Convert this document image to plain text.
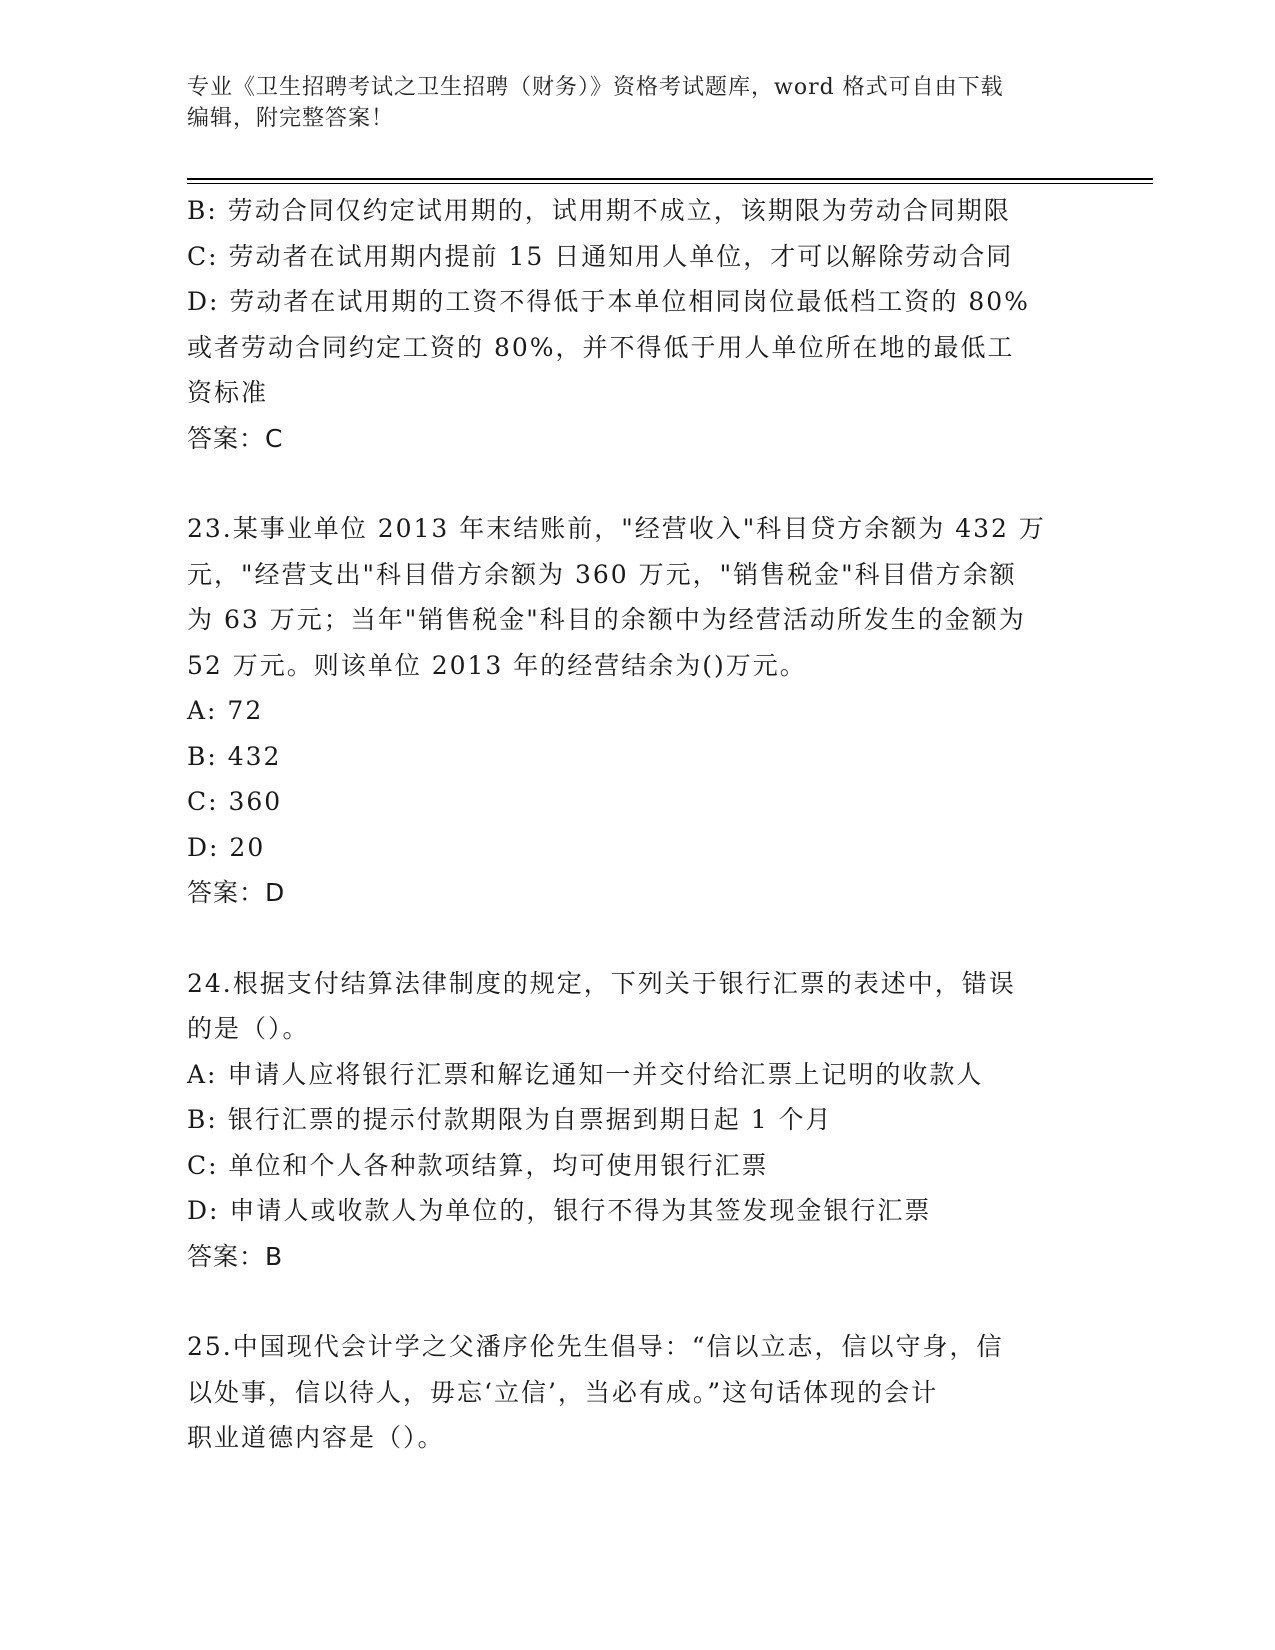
专业《卫生招聘考试之卫生招聘（财务）》资格考试题库，word 格式可自由下载
编辑，附完整答案！
B: 劳动合同仅约定试用期的，试用期不成立，该期限为劳动合同期限
C: 劳动者在试用期内提前 15 日通知用人单位，才可以解除劳动合同
D: 劳动者在试用期的工资不得低于本单位相同岗位最低档工资的 80%
或者劳动合同约定工资的 80%，并不得低于用人单位所在地的最低工
资标准
答案：C
23.某事业单位 2013 年末结账前，"经营收入"科目贷方余额为 432 万
元，"经营支出"科目借方余额为 360 万元，"销售税金"科目借方余额
为 63 万元；当年"销售税金"科目的余额中为经营活动所发生的金额为
52 万元。则该单位 2013 年的经营结余为()万元。
A: 72
B: 432
C: 360
D: 20
答案：D
24.根据支付结算法律制度的规定，下列关于银行汇票的表述中，错误
的是（）。
A: 申请人应将银行汇票和解讫通知一并交付给汇票上记明的收款人
B: 银行汇票的提示付款期限为自票据到期日起 1 个月
C: 单位和个人各种款项结算，均可使用银行汇票
D: 申请人或收款人为单位的，银行不得为其签发现金银行汇票
答案：B
25.中国现代会计学之父潘序伦先生倡导：“信以立志，信以守身，信
以处事，信以待人，毋忘‘立信’，当必有成。”这句话体现的会计
职业道德内容是（）。
